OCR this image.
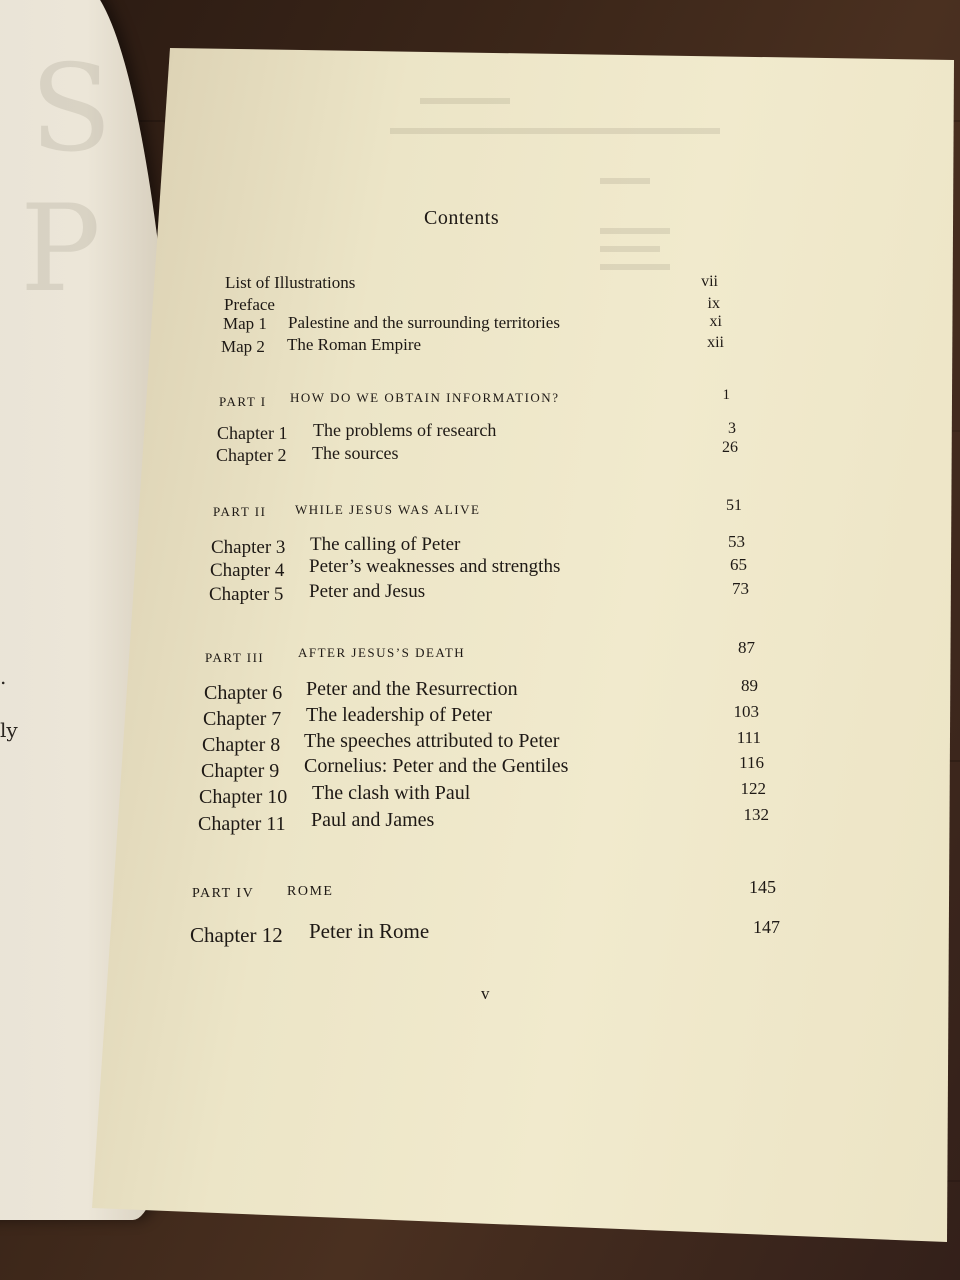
S
P
.
ly
Contents
List of Illustrations	vii
Preface	ix
Map 1 Palestine and the surrounding territories	xi
Map 2 The Roman Empire	xii
PART I HOW DO WE OBTAIN INFORMATION?	1
Chapter 1 The problems of research	3
Chapter 2 The sources	26
PART II WHILE JESUS WAS ALIVE	51
Chapter 3 The calling of Peter	53
Chapter 4 Peter’s weaknesses and strengths	65
Chapter 5 Peter and Jesus	73
PART III	AFTER JESUS’S DEATH	87
Chapter 6 Peter and the Resurrection	89
Chapter 7 The leadership of Peter	103
Chapter 8 The speeches attributed to Peter	111
Chapter 9 Cornelius: Peter and the Gentiles	116
Chapter 10 The clash with Paul	122
Chapter 11 Paul and James	132
PART IV ROME	145
Chapter 12 Peter in Rome	147
v
